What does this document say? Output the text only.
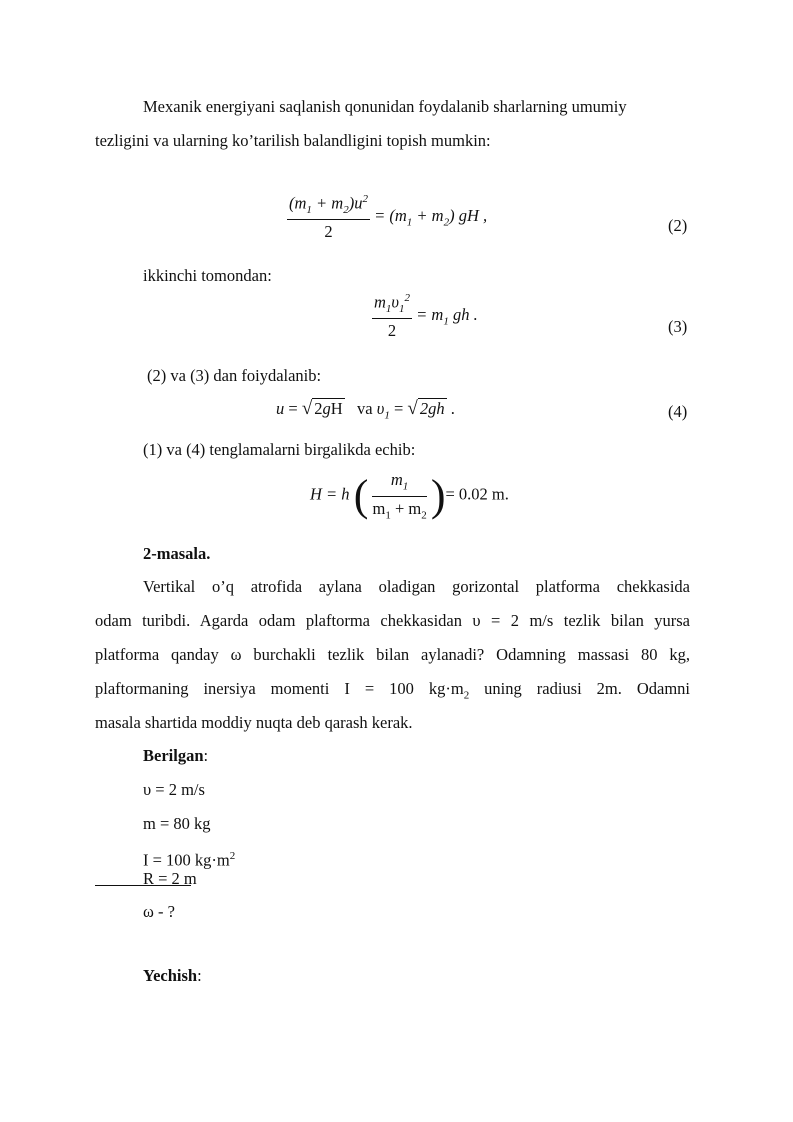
Mexanik energiyani saqlanish qonunidan foydalanib sharlarning umumiy
tezligini va ularning ko’tarilish balandligini topish mumkin:
$\frac{(m_1 + m_2)u^2}{2} = (m_1 + m_2)$ gH ,
(2)
ikkinchi tomondan:
$\frac{m_1\upsilon_1^2}{2} = m_1$ gh .
(3)
(2) va (3) dan foiydalanib:
u = √ 2gH va $\upsilon_1$ = √ 2gh .	(4)
(1) va (4) tenglamalarni birgalikda echib:
H = h ( $\frac{m_1}{m_1 + m_2}$ )= 0.02 m.
2-masala.
Vertikal o’q atrofida aylana oladigan gorizontal platforma chekkasida
odam turibdi. Agarda odam plaftorma chekkasidan υ = 2 m/s tezlik bilan yursa
platforma qanday ω burchakli tezlik bilan aylanadi? Odamning massasi 80 kg,
plaftormaning inersiya momenti I = 100 $kg\cdot m_2$ uning radiusi 2m. Odamni
masala shartida moddiy nuqta deb qarash kerak.
Berilgan:
υ = 2 m/s
m = 80 kg
I = 100 $kg\cdot m^2$
R = 2 m
ω - ?
Yechish:
